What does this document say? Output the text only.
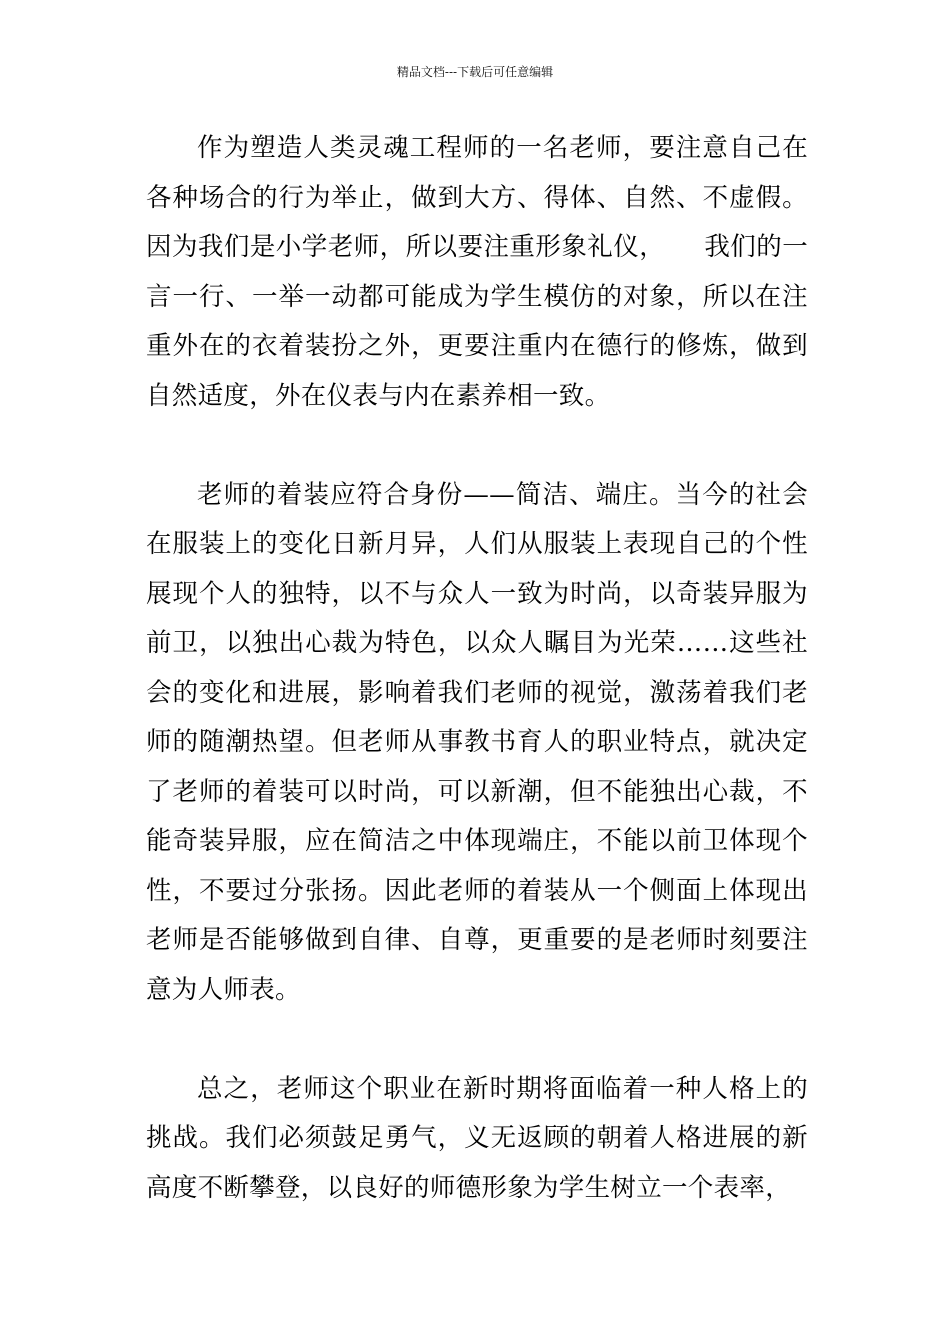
精品文档---下载后可任意编辑

作为塑造人类灵魂工程师的一名老师，要注意自己在各种场合的行为举止，做到大方、得体、自然、不虚假。因为我们是小学老师，所以要注重形象礼仪，　　我们的一言一行、一举一动都可能成为学生模仿的对象，所以在注重外在的衣着装扮之外，更要注重内在德行的修炼，做到自然适度，外在仪表与内在素养相一致。

老师的着装应符合身份——简洁、端庄。当今的社会在服装上的变化日新月异，人们从服装上表现自己的个性展现个人的独特，以不与众人一致为时尚，以奇装异服为前卫，以独出心裁为特色，以众人瞩目为光荣……这些社会的变化和进展，影响着我们老师的视觉，激荡着我们老师的随潮热望。但老师从事教书育人的职业特点，就决定了老师的着装可以时尚，可以新潮，但不能独出心裁，不能奇装异服，应在简洁之中体现端庄，不能以前卫体现个性，不要过分张扬。因此老师的着装从一个侧面上体现出老师是否能够做到自律、自尊，更重要的是老师时刻要注意为人师表。

总之，老师这个职业在新时期将面临着一种人格上的挑战。我们必须鼓足勇气，义无返顾的朝着人格进展的新高度不断攀登，以良好的师德形象为学生树立一个表率，
